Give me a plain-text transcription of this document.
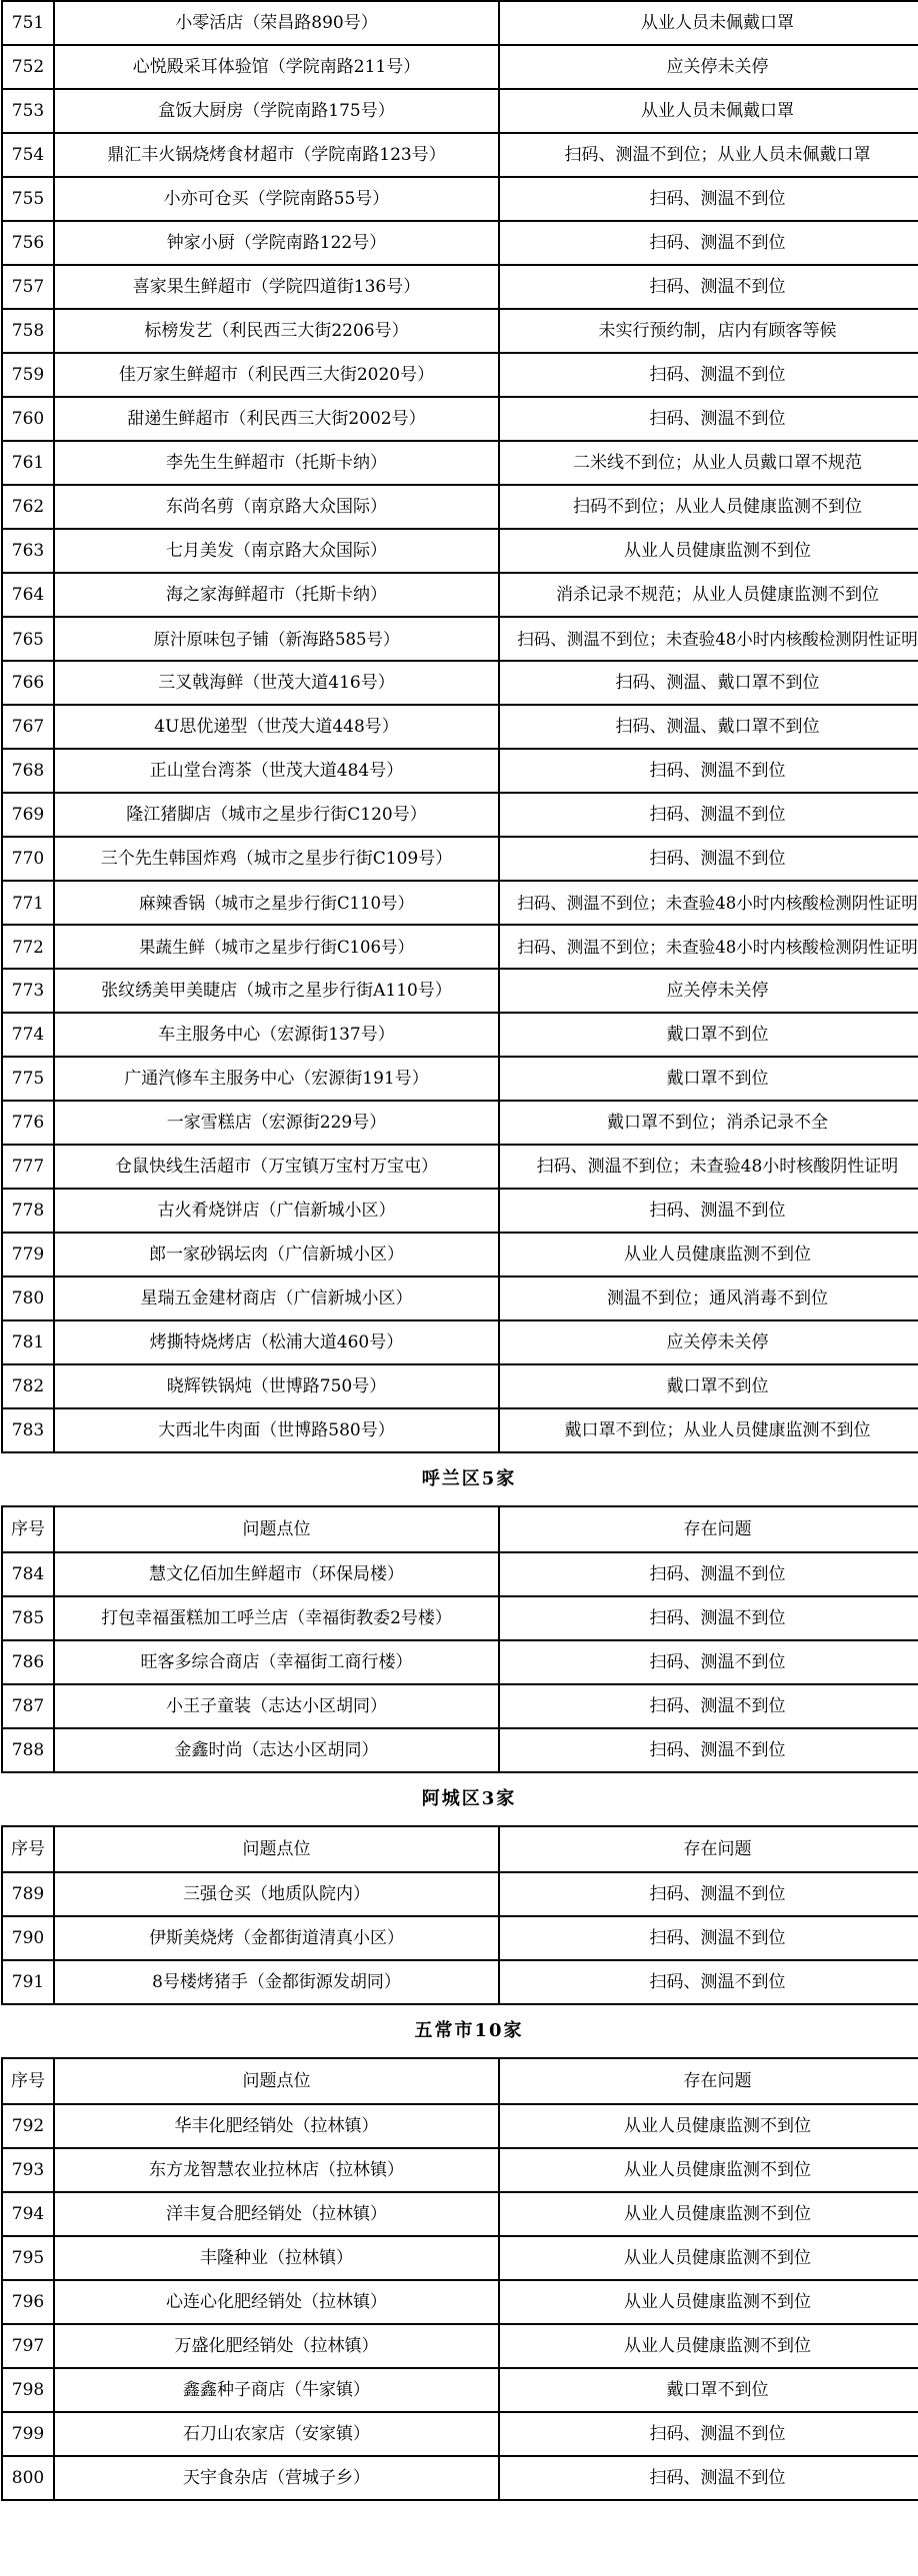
751	小零活店（荣昌路890号）	从业人员未佩戴口罩
752	心悦殿采耳体验馆（学院南路211号）	应关停未关停
753	盒饭大厨房（学院南路175号）	从业人员未佩戴口罩
754	鼎汇丰火锅烧烤食材超市（学院南路123号）	扫码、测温不到位；从业人员未佩戴口罩
755	小亦可仓买（学院南路55号）	扫码、测温不到位
756	钟家小厨（学院南路122号）	扫码、测温不到位
757	喜家果生鲜超市（学院四道街136号）	扫码、测温不到位
758	标榜发艺（利民西三大街2206号）	未实行预约制，店内有顾客等候
759	佳万家生鲜超市（利民西三大街2020号）	扫码、测温不到位
760	甜递生鲜超市（利民西三大街2002号）	扫码、测温不到位
761	李先生生鲜超市（托斯卡纳）	二米线不到位；从业人员戴口罩不规范
762	东尚名剪（南京路大众国际）	扫码不到位；从业人员健康监测不到位
763	七月美发（南京路大众国际）	从业人员健康监测不到位
764	海之家海鲜超市（托斯卡纳）	消杀记录不规范；从业人员健康监测不到位
765	原汁原味包子铺（新海路585号）	扫码、测温不到位；未查验48小时内核酸检测阴性证明
766	三叉戟海鲜（世茂大道416号）	扫码、测温、戴口罩不到位
767	4U思优递型（世茂大道448号）	扫码、测温、戴口罩不到位
768	正山堂台湾茶（世茂大道484号）	扫码、测温不到位
769	隆江猪脚店（城市之星步行街C120号）	扫码、测温不到位
770	三个先生韩国炸鸡（城市之星步行街C109号）	扫码、测温不到位
771	麻辣香锅（城市之星步行街C110号）	扫码、测温不到位；未查验48小时内核酸检测阴性证明
772	果蔬生鲜（城市之星步行街C106号）	扫码、测温不到位；未查验48小时内核酸检测阴性证明
773	张纹绣美甲美睫店（城市之星步行街A110号）	应关停未关停
774	车主服务中心（宏源街137号）	戴口罩不到位
775	广通汽修车主服务中心（宏源街191号）	戴口罩不到位
776	一家雪糕店（宏源街229号）	戴口罩不到位；消杀记录不全
777	仓鼠快线生活超市（万宝镇万宝村万宝屯）	扫码、测温不到位；未查验48小时核酸阴性证明
778	古火肴烧饼店（广信新城小区）	扫码、测温不到位
779	郎一家砂锅坛肉（广信新城小区）	从业人员健康监测不到位
780	星瑞五金建材商店（广信新城小区）	测温不到位；通风消毒不到位
781	烤撕特烧烤店（松浦大道460号）	应关停未关停
782	晓辉铁锅炖（世博路750号）	戴口罩不到位
783	大西北牛肉面（世博路580号）	戴口罩不到位；从业人员健康监测不到位
呼兰区5家		
序号	问题点位	存在问题
784	慧文亿佰加生鲜超市（环保局楼）	扫码、测温不到位
785	打包幸福蛋糕加工呼兰店（幸福街教委2号楼）	扫码、测温不到位
786	旺客多综合商店（幸福街工商行楼）	扫码、测温不到位
787	小王子童装（志达小区胡同）	扫码、测温不到位
788	金鑫时尚（志达小区胡同）	扫码、测温不到位
阿城区3家		
序号	问题点位	存在问题
789	三强仓买（地质队院内）	扫码、测温不到位
790	伊斯美烧烤（金都街道清真小区）	扫码、测温不到位
791	8号楼烤猪手（金都街源发胡同）	扫码、测温不到位
五常市10家		
序号	问题点位	存在问题
792	华丰化肥经销处（拉林镇）	从业人员健康监测不到位
793	东方龙智慧农业拉林店（拉林镇）	从业人员健康监测不到位
794	洋丰复合肥经销处（拉林镇）	从业人员健康监测不到位
795	丰隆种业（拉林镇）	从业人员健康监测不到位
796	心连心化肥经销处（拉林镇）	从业人员健康监测不到位
797	万盛化肥经销处（拉林镇）	从业人员健康监测不到位
798	鑫鑫种子商店（牛家镇）	戴口罩不到位
799	石刀山农家店（安家镇）	扫码、测温不到位
800	天宇食杂店（营城子乡）	扫码、测温不到位
